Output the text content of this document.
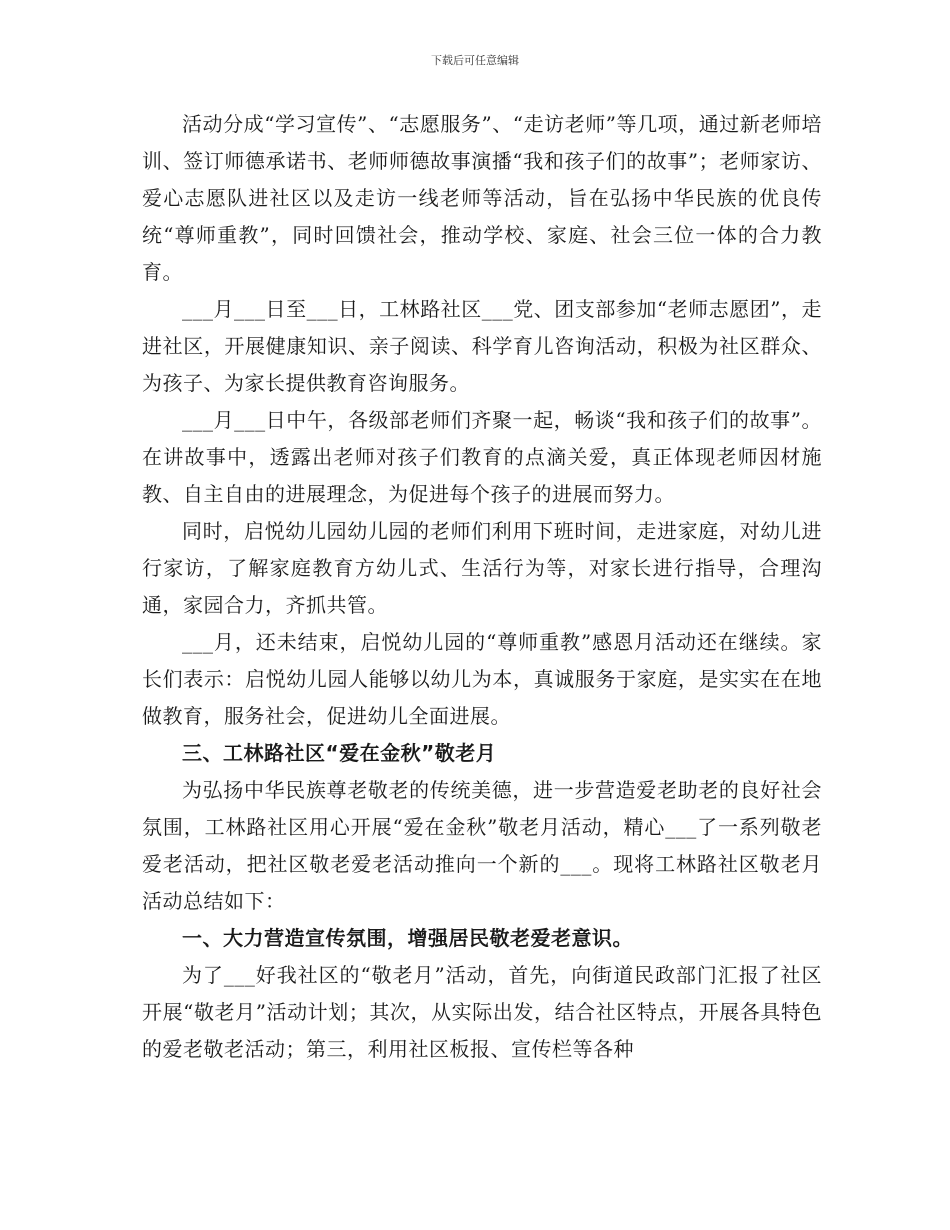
下载后可任意编辑

活动分成“学习宣传”、“志愿服务”、“走访老师”等几项，通过新老师培训、签订师德承诺书、老师师德故事演播“我和孩子们的故事”；老师家访、爱心志愿队进社区以及走访一线老师等活动，旨在弘扬中华民族的优良传统“尊师重教”，同时回馈社会，推动学校、家庭、社会三位一体的合力教育。

___月___日至___日，工林路社区___党、团支部参加“老师志愿团”，走进社区，开展健康知识、亲子阅读、科学育儿咨询活动，积极为社区群众、为孩子、为家长提供教育咨询服务。

___月___日中午，各级部老师们齐聚一起，畅谈“我和孩子们的故事”。在讲故事中，透露出老师对孩子们教育的点滴关爱，真正体现老师因材施教、自主自由的进展理念，为促进每个孩子的进展而努力。

同时，启悦幼儿园幼儿园的老师们利用下班时间，走进家庭，对幼儿进行家访，了解家庭教育方幼儿式、生活行为等，对家长进行指导，合理沟通，家园合力，齐抓共管。

___月，还未结束，启悦幼儿园的“尊师重教”感恩月活动还在继续。家长们表示：启悦幼儿园人能够以幼儿为本，真诚服务于家庭，是实实在在地做教育，服务社会，促进幼儿全面进展。

三、工林路社区“爱在金秋”敬老月

为弘扬中华民族尊老敬老的传统美德，进一步营造爱老助老的良好社会氛围，工林路社区用心开展“爱在金秋”敬老月活动，精心___了一系列敬老爱老活动，把社区敬老爱老活动推向一个新的___。现将工林路社区敬老月活动总结如下：

一、大力营造宣传氛围，增强居民敬老爱老意识。

为了___好我社区的“敬老月”活动，首先，向街道民政部门汇报了社区开展“敬老月”活动计划；其次，从实际出发，结合社区特点，开展各具特色的爱老敬老活动；第三，利用社区板报、宣传栏等各种
